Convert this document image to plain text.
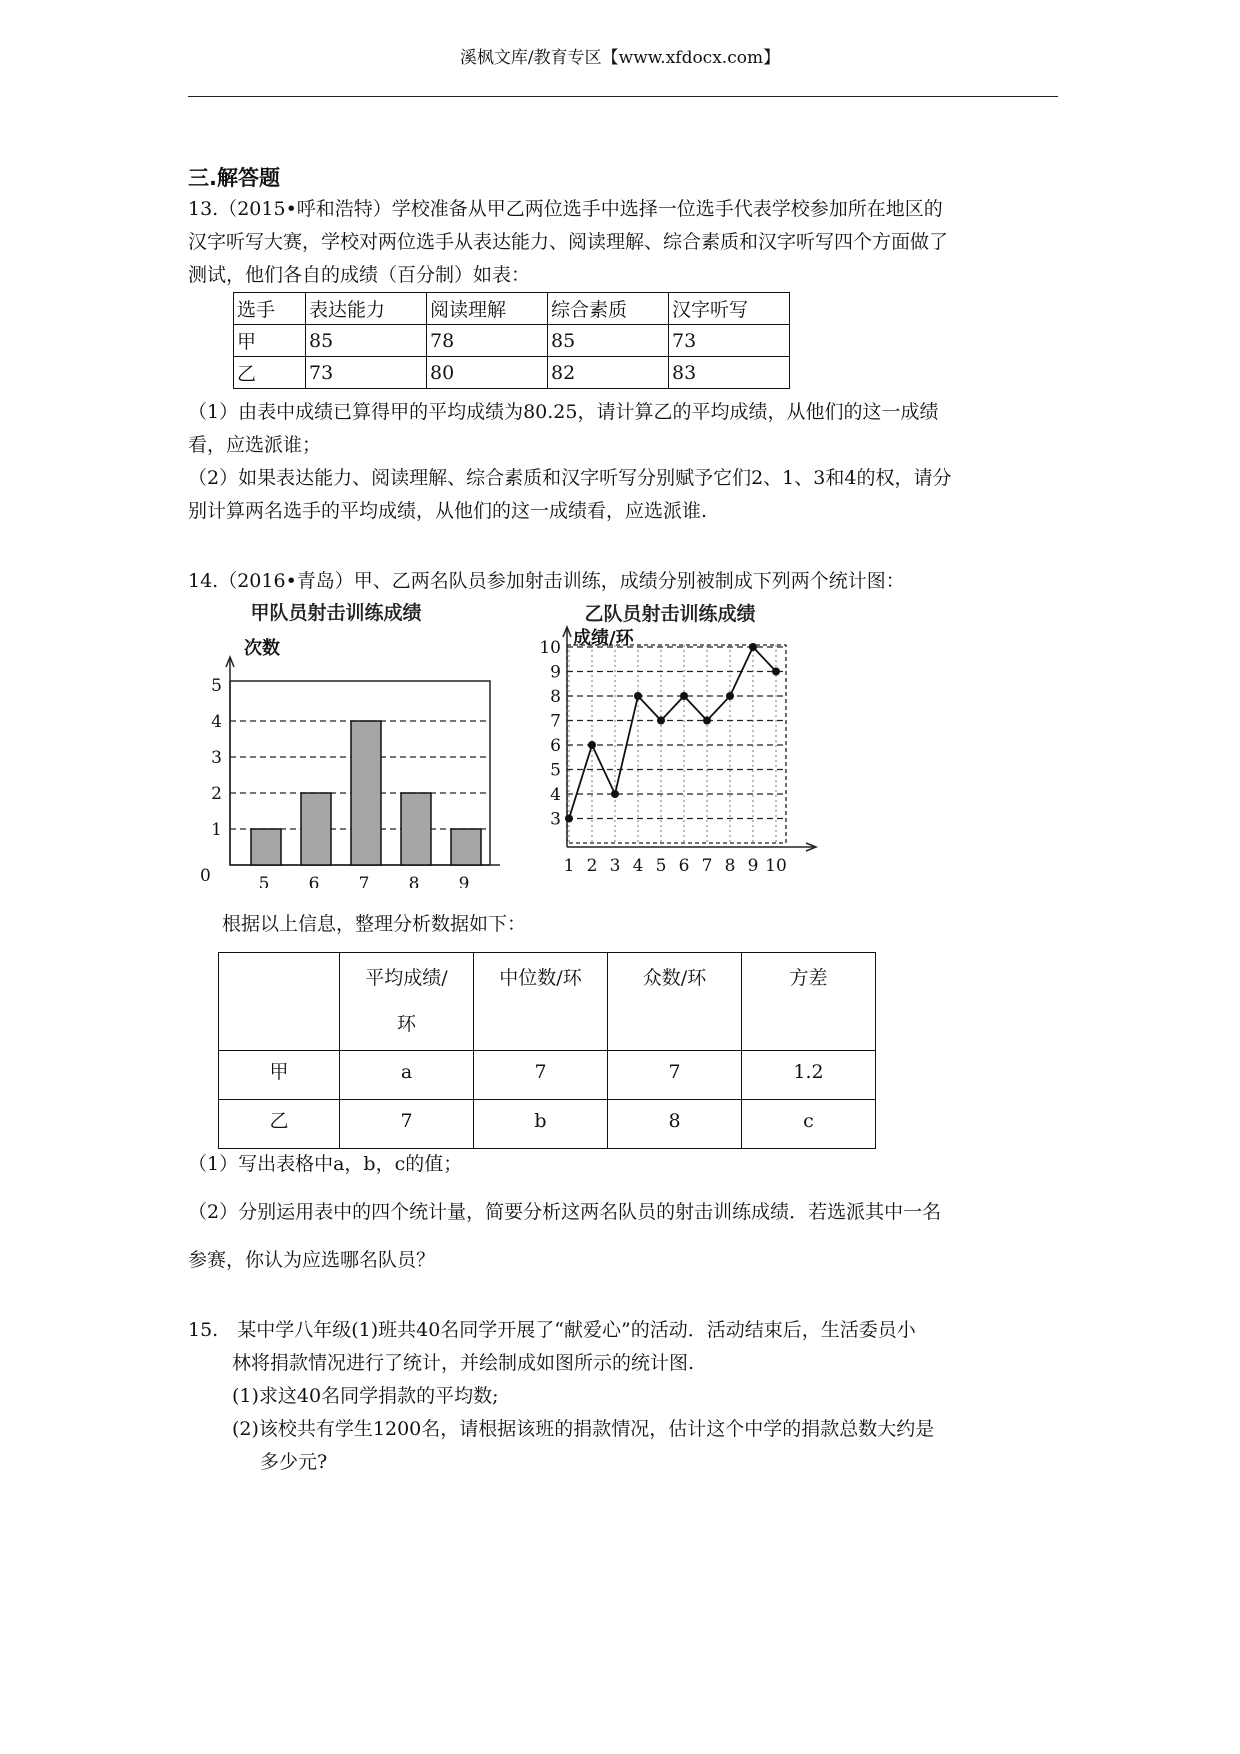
溪枫文库/教育专区【www.xfdocx.com】
三.解答题
13.（2015•呼和浩特）学校准备从甲乙两位选手中选择一位选手代表学校参加所在地区的
汉字听写大赛，学校对两位选手从表达能力、阅读理解、综合素质和汉字听写四个方面做了
测试，他们各自的成绩（百分制）如表：
选手	表达能力	阅读理解	综合素质	汉字听写
甲	85	78	85	73
乙	73	80	82	83
（1）由表中成绩已算得甲的平均成绩为80.25，请计算乙的平均成绩，从他们的这一成绩
看，应选派谁；
（2）如果表达能力、阅读理解、综合素质和汉字听写分别赋予它们2、1、3和4的权，请分
别计算两名选手的平均成绩，从他们的这一成绩看，应选派谁.
14.（2016•青岛）甲、乙两名队员参加射击训练，成绩分别被制成下列两个统计图：
甲队员射击训练成绩
次数
1
2
3
4
5
0	5 6 7 8 9
乙队员射击训练成绩
成绩/环
3
4
5
6
7
8
9
10
1 2 3 4 5 6 7 8 9 10
根据以上信息，整理分析数据如下：

	平均成绩/
环	中位数/环	众数/环	方差
甲	a	7	7	1.2
乙	7	b	8	c
（1）写出表格中a，b，c的值；
（2）分别运用表中的四个统计量，简要分析这两名队员的射击训练成绩．若选派其中一名
参赛，你认为应选哪名队员？
15.　某中学八年级(1)班共40名同学开展了“献爱心”的活动．活动结束后，生活委员小
林将捐款情况进行了统计，并绘制成如图所示的统计图.
(1)求这40名同学捐款的平均数;
(2)该校共有学生1200名，请根据该班的捐款情况，估计这个中学的捐款总数大约是
多少元?
